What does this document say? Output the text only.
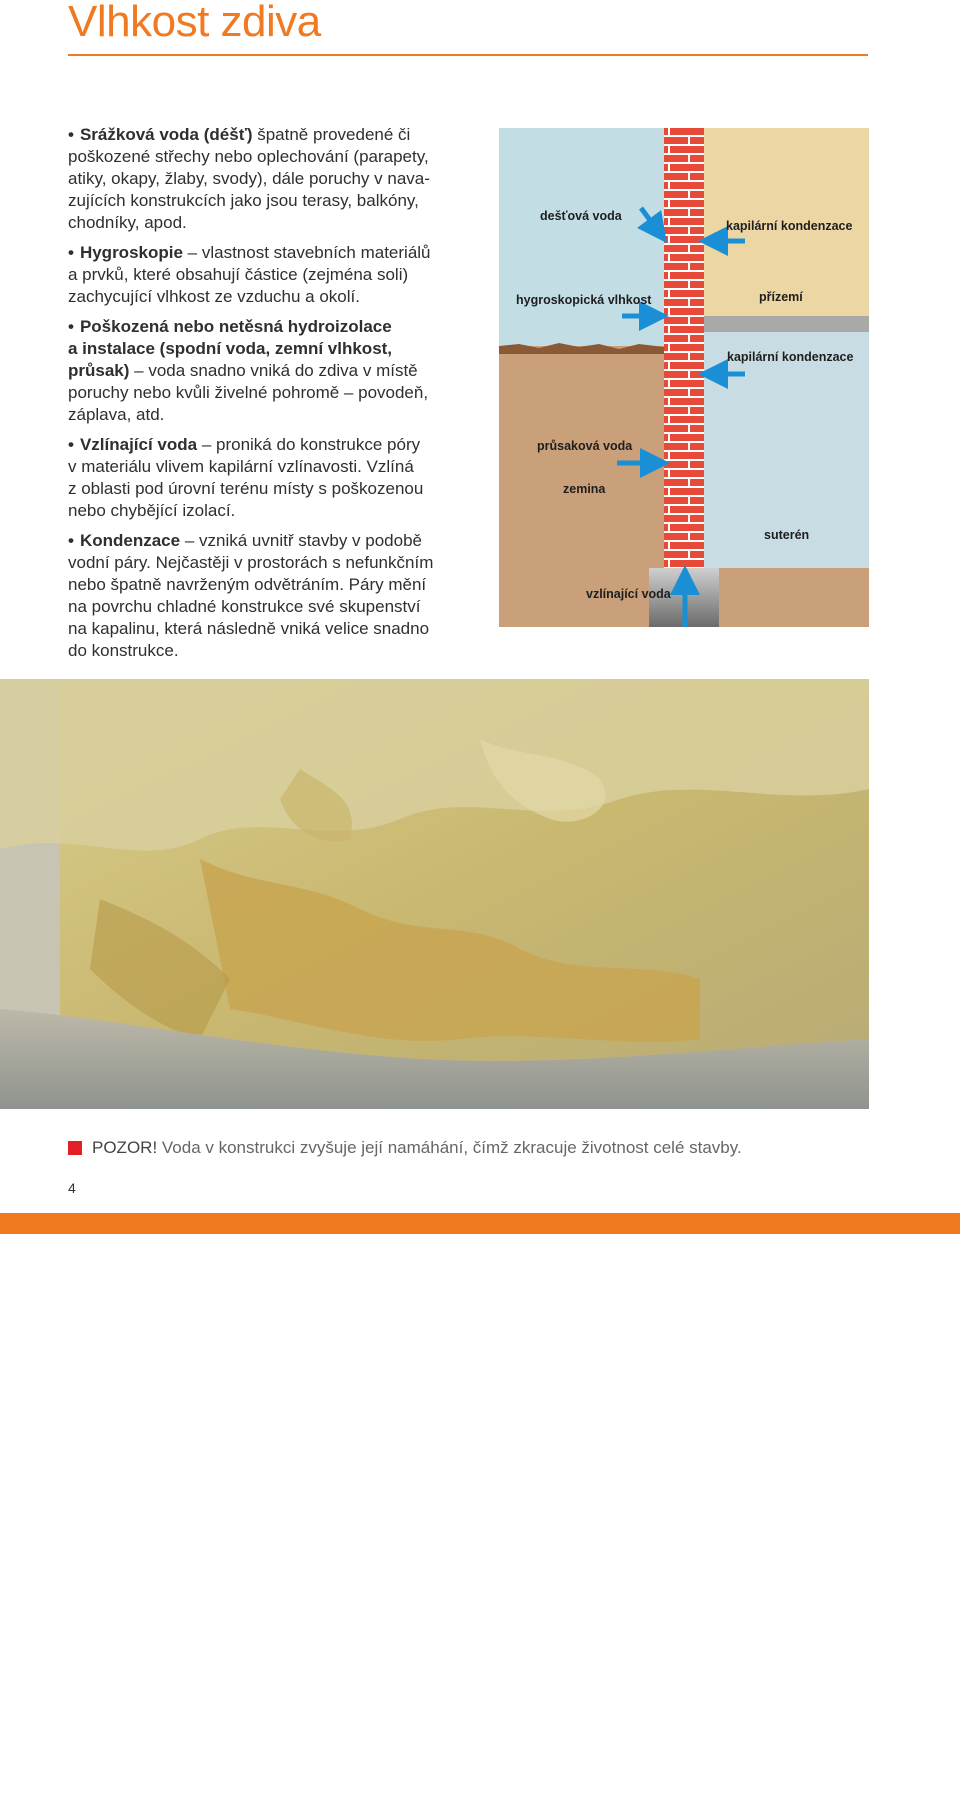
Vlhkost zdiva
• Srážková voda (déšť) špatně provedené či
poškozené střechy nebo oplechování (parapety,
atiky, okapy, žlaby, svody), dále poruchy v nava-
zujících konstrukcích jako jsou terasy, balkóny,
chodníky, apod.
• Hygroskopie – vlastnost stavebních materiálů
a prvků, které obsahují částice (zejména soli)
zachycující vlhkost ze vzduchu a okolí.
• Poškozená nebo netěsná hydroizolace
a instalace (spodní voda, zemní vlhkost,
průsak) – voda snadno vniká do zdiva v místě
poruchy nebo kvůli živelné pohromě – povodeň,
záplava, atd.
• Vzlínající voda – proniká do konstrukce póry
v materiálu vlivem kapilární vzlínavosti. Vzlíná
z oblasti pod úrovní terénu místy s poškozenou
nebo chybějící izolací.
• Kondenzace – vzniká uvnitř stavby v podobě
vodní páry. Nejčastěji v prostorách s nefunkčním
nebo špatně navrženým odvětráním. Páry mění
na povrchu chladné konstrukce své skupenství
na kapalinu, která následně vniká velice snadno
do konstrukce.
dešťová voda
hygroskopická vlhkost
průsaková voda
zemina
vzlínající voda
kapilární kondenzace
přízemí
kapilární kondenzace
suterén
Sanace zdiva
POZOR! Voda v konstrukci zvyšuje její namáhání, čímž zkracuje životnost celé stavby.
4
